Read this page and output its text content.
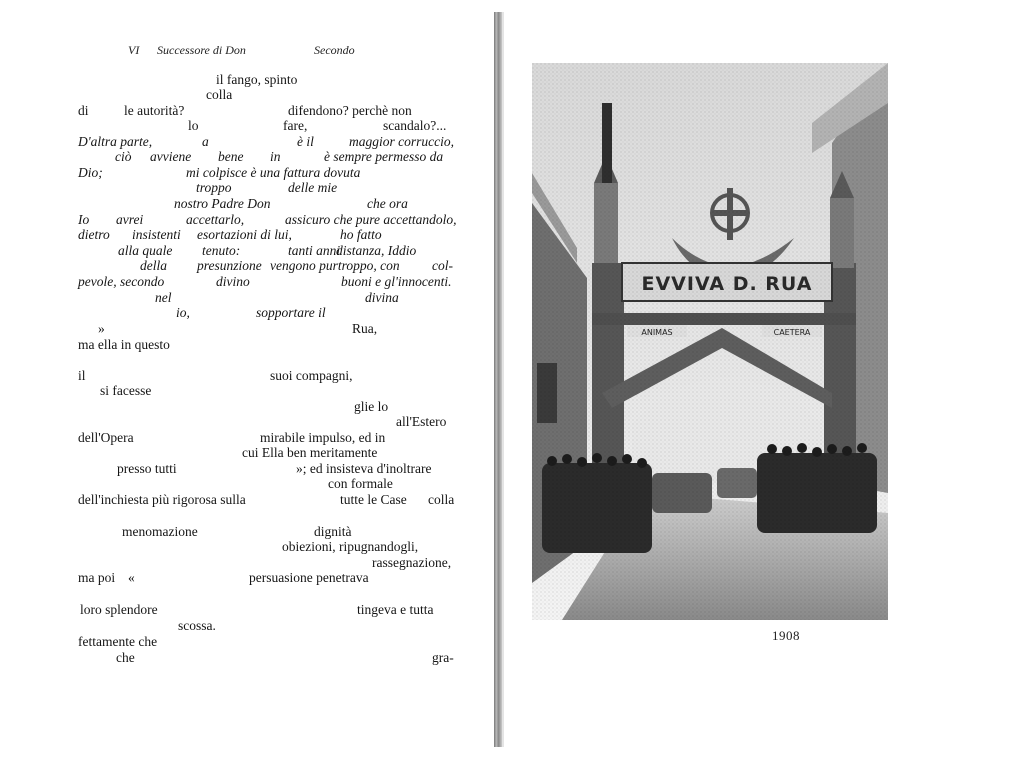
VI Successore di Don	Secondo
il fango, spinto
colla
di	le autorità?	difendono? perchè non
lo	fare,	scandalo?...
D'altra parte,	a	è il	maggior corruccio,
ciò avviene bene in	è sempre permesso da
Dio;	mi colpisce è una fattura dovuta
troppo	delle mie
nostro Padre Don	che ora
Io avrei	accettarlo,	assicuro che pure accettandolo,
dietro insistenti esortazioni di lui,	ho fatto
alla quale tenuto:	tanti anni
distanza, Iddio
della presunzione vengono purtroppo, con col-
pevole, secondo	divino	buoni e gl'innocenti.
nel	divina
io,	sopportare il
»	Rua,
ma ella in questo
il	suoi compagni,
si facesse
glie lo
all'Estero
dell'Opera	mirabile impulso, ed in
cui Ella ben meritamente
presso tutti	»; ed insisteva d'inoltrare
con formale
dell'inchiesta più rigorosa sulla	tutte le Case colla
menomazione	dignità
obiezioni, ripugnandogli,
rassegnazione,
ma poi «	persuasione penetrava
loro splendore	tingeva e tutta
scossa.
fettamente che
che	gra-
1908
